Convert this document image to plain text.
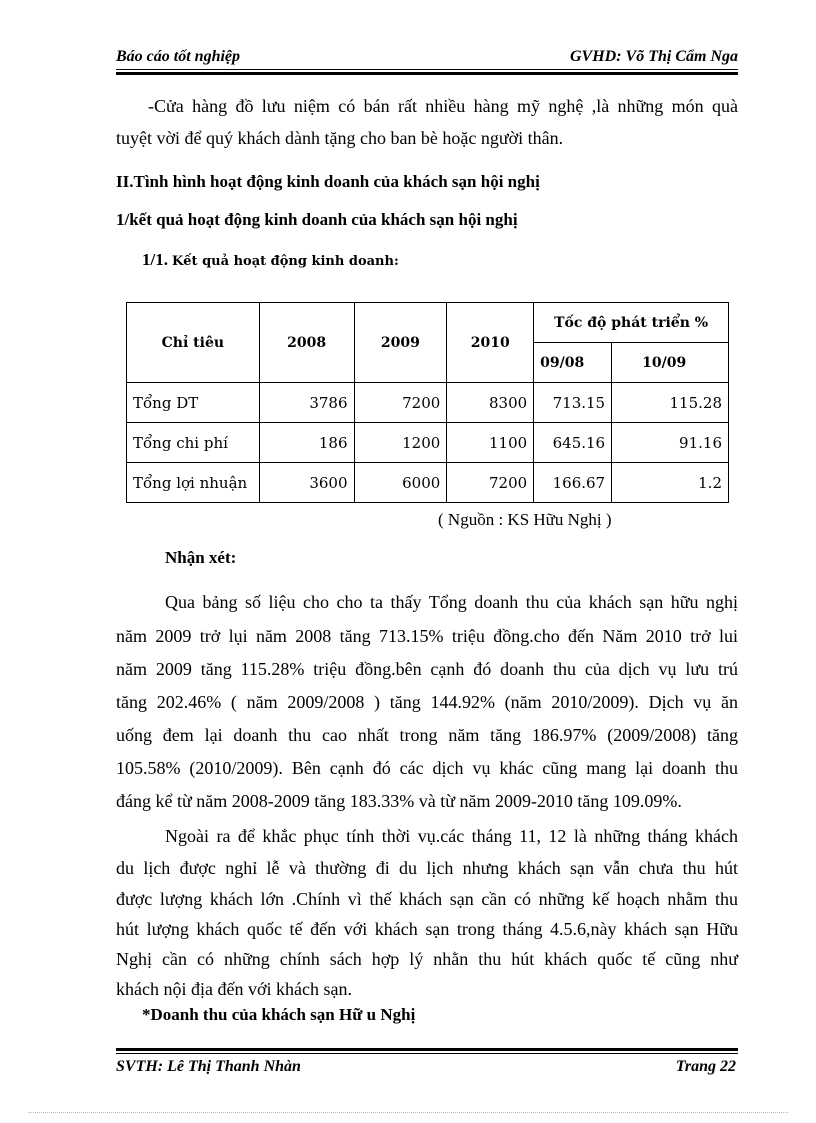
Báo cáo tốt nghiệp	GVHD: Võ Thị Cẩm Nga
-Cửa hàng đồ lưu niệm có bán rất nhiều hàng mỹ nghệ ,là những món quà
tuyệt vời để quý khách dành tặng cho ban bè hoặc người thân.
II.Tình hình hoạt động kinh doanh của khách sạn hội nghị
1/kết quả hoạt động kinh doanh của khách sạn hội nghị
1/1. Kết quả hoạt động kinh doanh:
Chỉ tiêu	2008	2009	2010	Tốc độ phát triển %	
				09/08	10/09
Tổng DT	3786	7200	8300	713.15	115.28
Tổng chi phí	186	1200	1100	645.16	91.16
Tổng lợi nhuận	3600	6000	7200	166.67	1.2
( Nguồn : KS Hữu Nghị )
Nhận xét:
Qua bảng số liệu cho cho ta thấy Tổng doanh thu của khách sạn hữu nghị
năm 2009 trở lụi năm 2008 tăng 713.15% triệu đồng.cho đến Năm 2010 trở lui
năm 2009 tăng 115.28% triệu đồng.bên cạnh đó doanh thu của dịch vụ lưu trú
tăng 202.46% ( năm 2009/2008 ) tăng 144.92% (năm 2010/2009). Dịch vụ ăn
uống đem lại doanh thu cao nhất trong năm tăng 186.97% (2009/2008) tăng
105.58% (2010/2009). Bên cạnh đó các dịch vụ khác cũng mang lại doanh thu
đáng kể từ năm 2008-2009 tăng 183.33% và từ năm 2009-2010 tăng 109.09%.
Ngoài ra để khắc phục tính thời vụ.các tháng 11, 12 là những tháng khách
du lịch được nghỉ lễ và thường đi du lịch nhưng khách sạn vẫn chưa thu hút
được lượng khách lớn .Chính vì thế khách sạn cần có những kế hoạch nhằm thu
hút lượng khách quốc tế đến với khách sạn trong tháng 4.5.6,này khách sạn Hữu
Nghị cần có những chính sách hợp lý nhằn thu hút khách quốc tế cũng như
khách nội địa đến với khách sạn.
*Doanh thu của khách sạn Hữ u Nghị
SVTH: Lê Thị Thanh Nhàn	Trang 22
